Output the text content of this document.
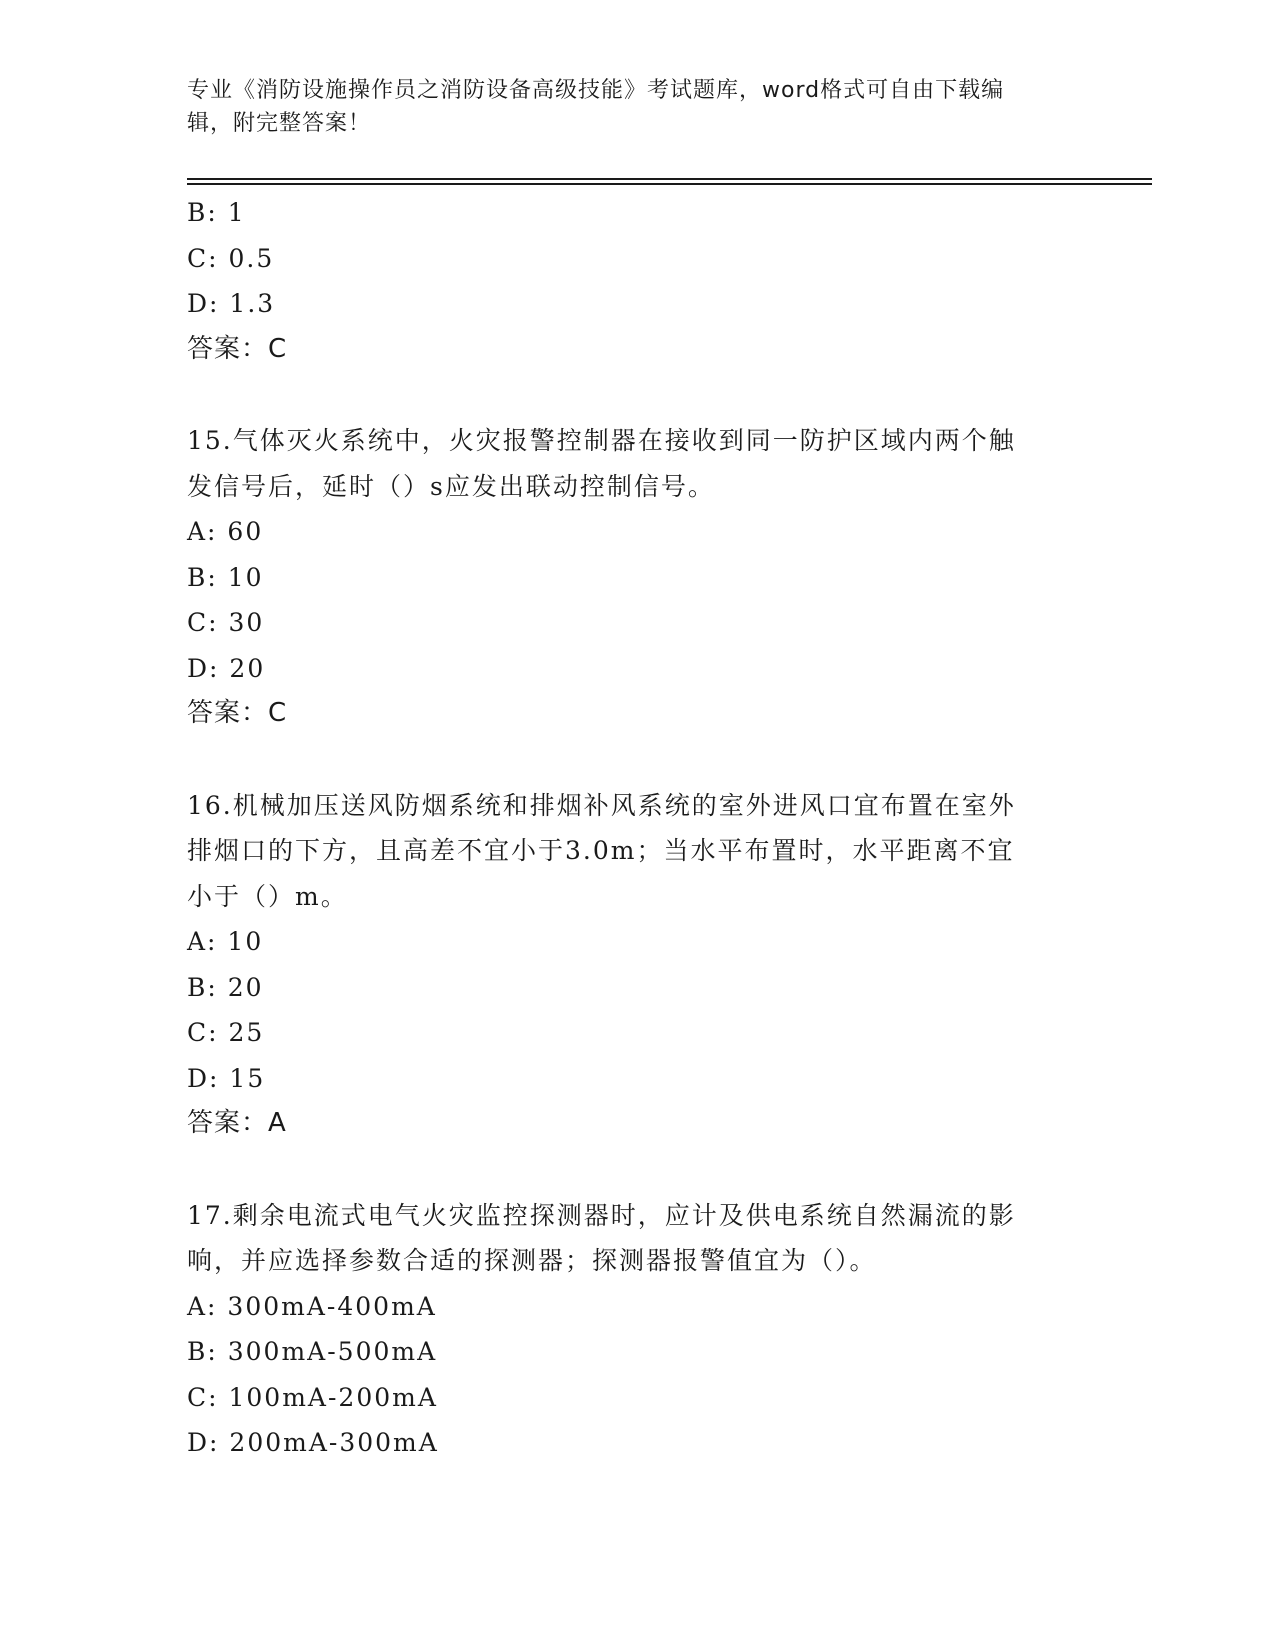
专业《消防设施操作员之消防设备高级技能》考试题库，word格式可自由下载编
辑，附完整答案！
B: 1
C: 0.5
D: 1.3
答案：C
15.气体灭火系统中，火灾报警控制器在接收到同一防护区域内两个触
发信号后，延时（）s应发出联动控制信号。
A: 60
B: 10
C: 30
D: 20
答案：C
16.机械加压送风防烟系统和排烟补风系统的室外进风口宜布置在室外
排烟口的下方，且高差不宜小于3.0m；当水平布置时，水平距离不宜
小于（）m。
A: 10
B: 20
C: 25
D: 15
答案：A
17.剩余电流式电气火灾监控探测器时，应计及供电系统自然漏流的影
响，并应选择参数合适的探测器；探测器报警值宜为（）。
A: 300mA-400mA
B: 300mA-500mA
C: 100mA-200mA
D: 200mA-300mA
